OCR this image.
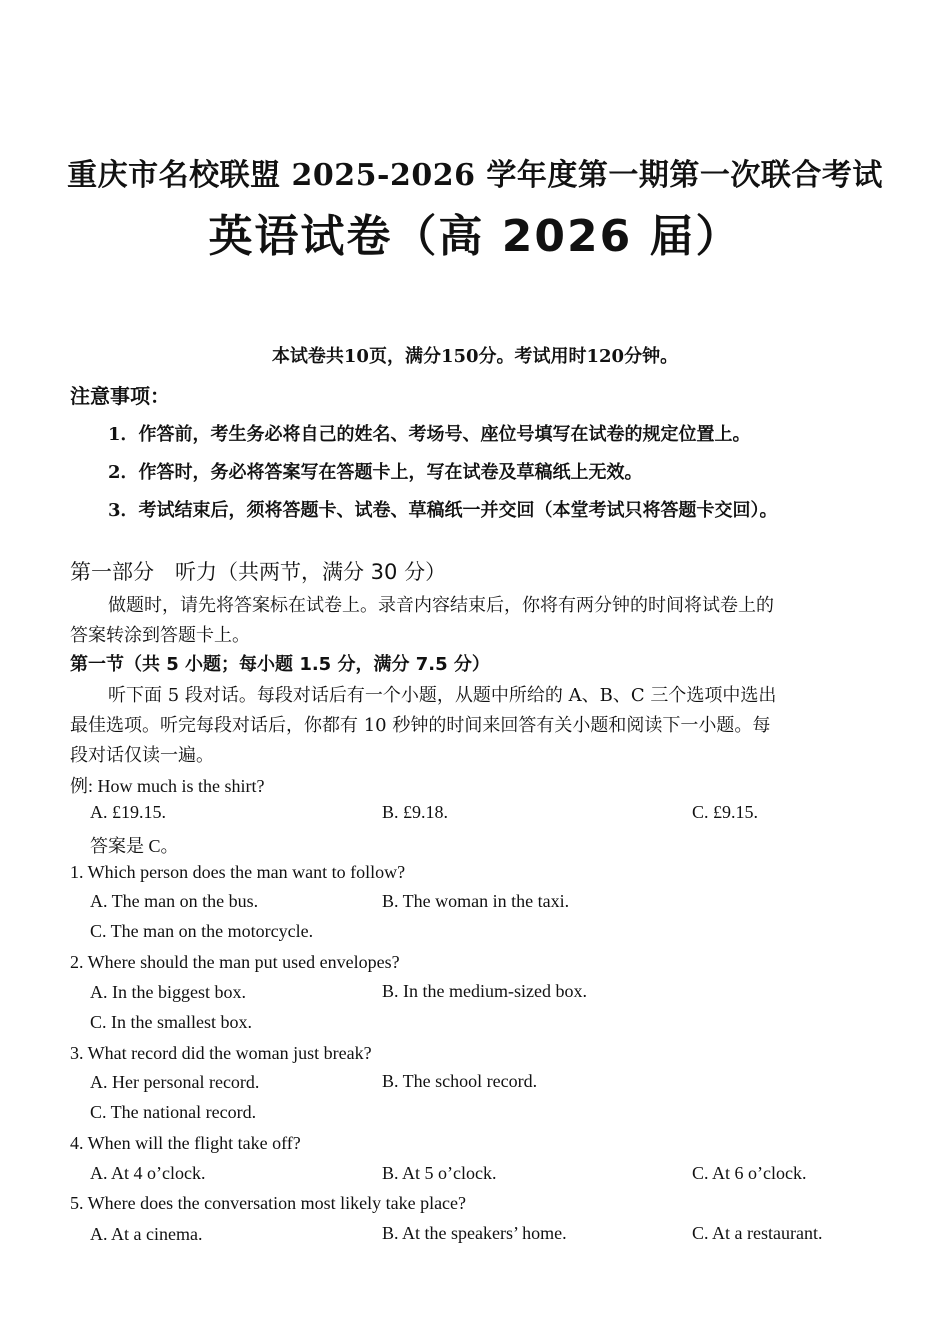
重庆市名校联盟 2025-2026 学年度第一期第一次联合考试
英语试卷（高 2026 届）
本试卷共10页，满分150分。考试用时120分钟。
注意事项：
1．作答前，考生务必将自己的姓名、考场号、座位号填写在试卷的规定位置上。
2．作答时，务必将答案写在答题卡上，写在试卷及草稿纸上无效。
3．考试结束后，须将答题卡、试卷、草稿纸一并交回（本堂考试只将答题卡交回）。
第一部分　听力（共两节，满分 30 分）
做题时，请先将答案标在试卷上。录音内容结束后，你将有两分钟的时间将试卷上的
答案转涂到答题卡上。
第一节（共 5 小题；每小题 1.5 分，满分 7.5 分）
听下面 5 段对话。每段对话后有一个小题，从题中所给的 A、B、C 三个选项中选出
最佳选项。听完每段对话后，你都有 10 秒钟的时间来回答有关小题和阅读下一小题。每
段对话仅读一遍。
例: How much is the shirt?
A. £19.15.	B. £9.18.	C. £9.15.
答案是 C。
1. Which person does the man want to follow?
A. The man on the bus.	B. The woman in the taxi.
C. The man on the motorcycle.
2. Where should the man put used envelopes?
A. In the biggest box.	B. In the medium-sized box.
C. In the smallest box.
3. What record did the woman just break?
A. Her personal record.	B. The school record.
C. The national record.
4. When will the flight take off?
A. At 4 o’clock.	B. At 5 o’clock.	C. At 6 o’clock.
5. Where does the conversation most likely take place?
A. At a cinema.	B. At the speakers’ home.	C. At a restaurant.
